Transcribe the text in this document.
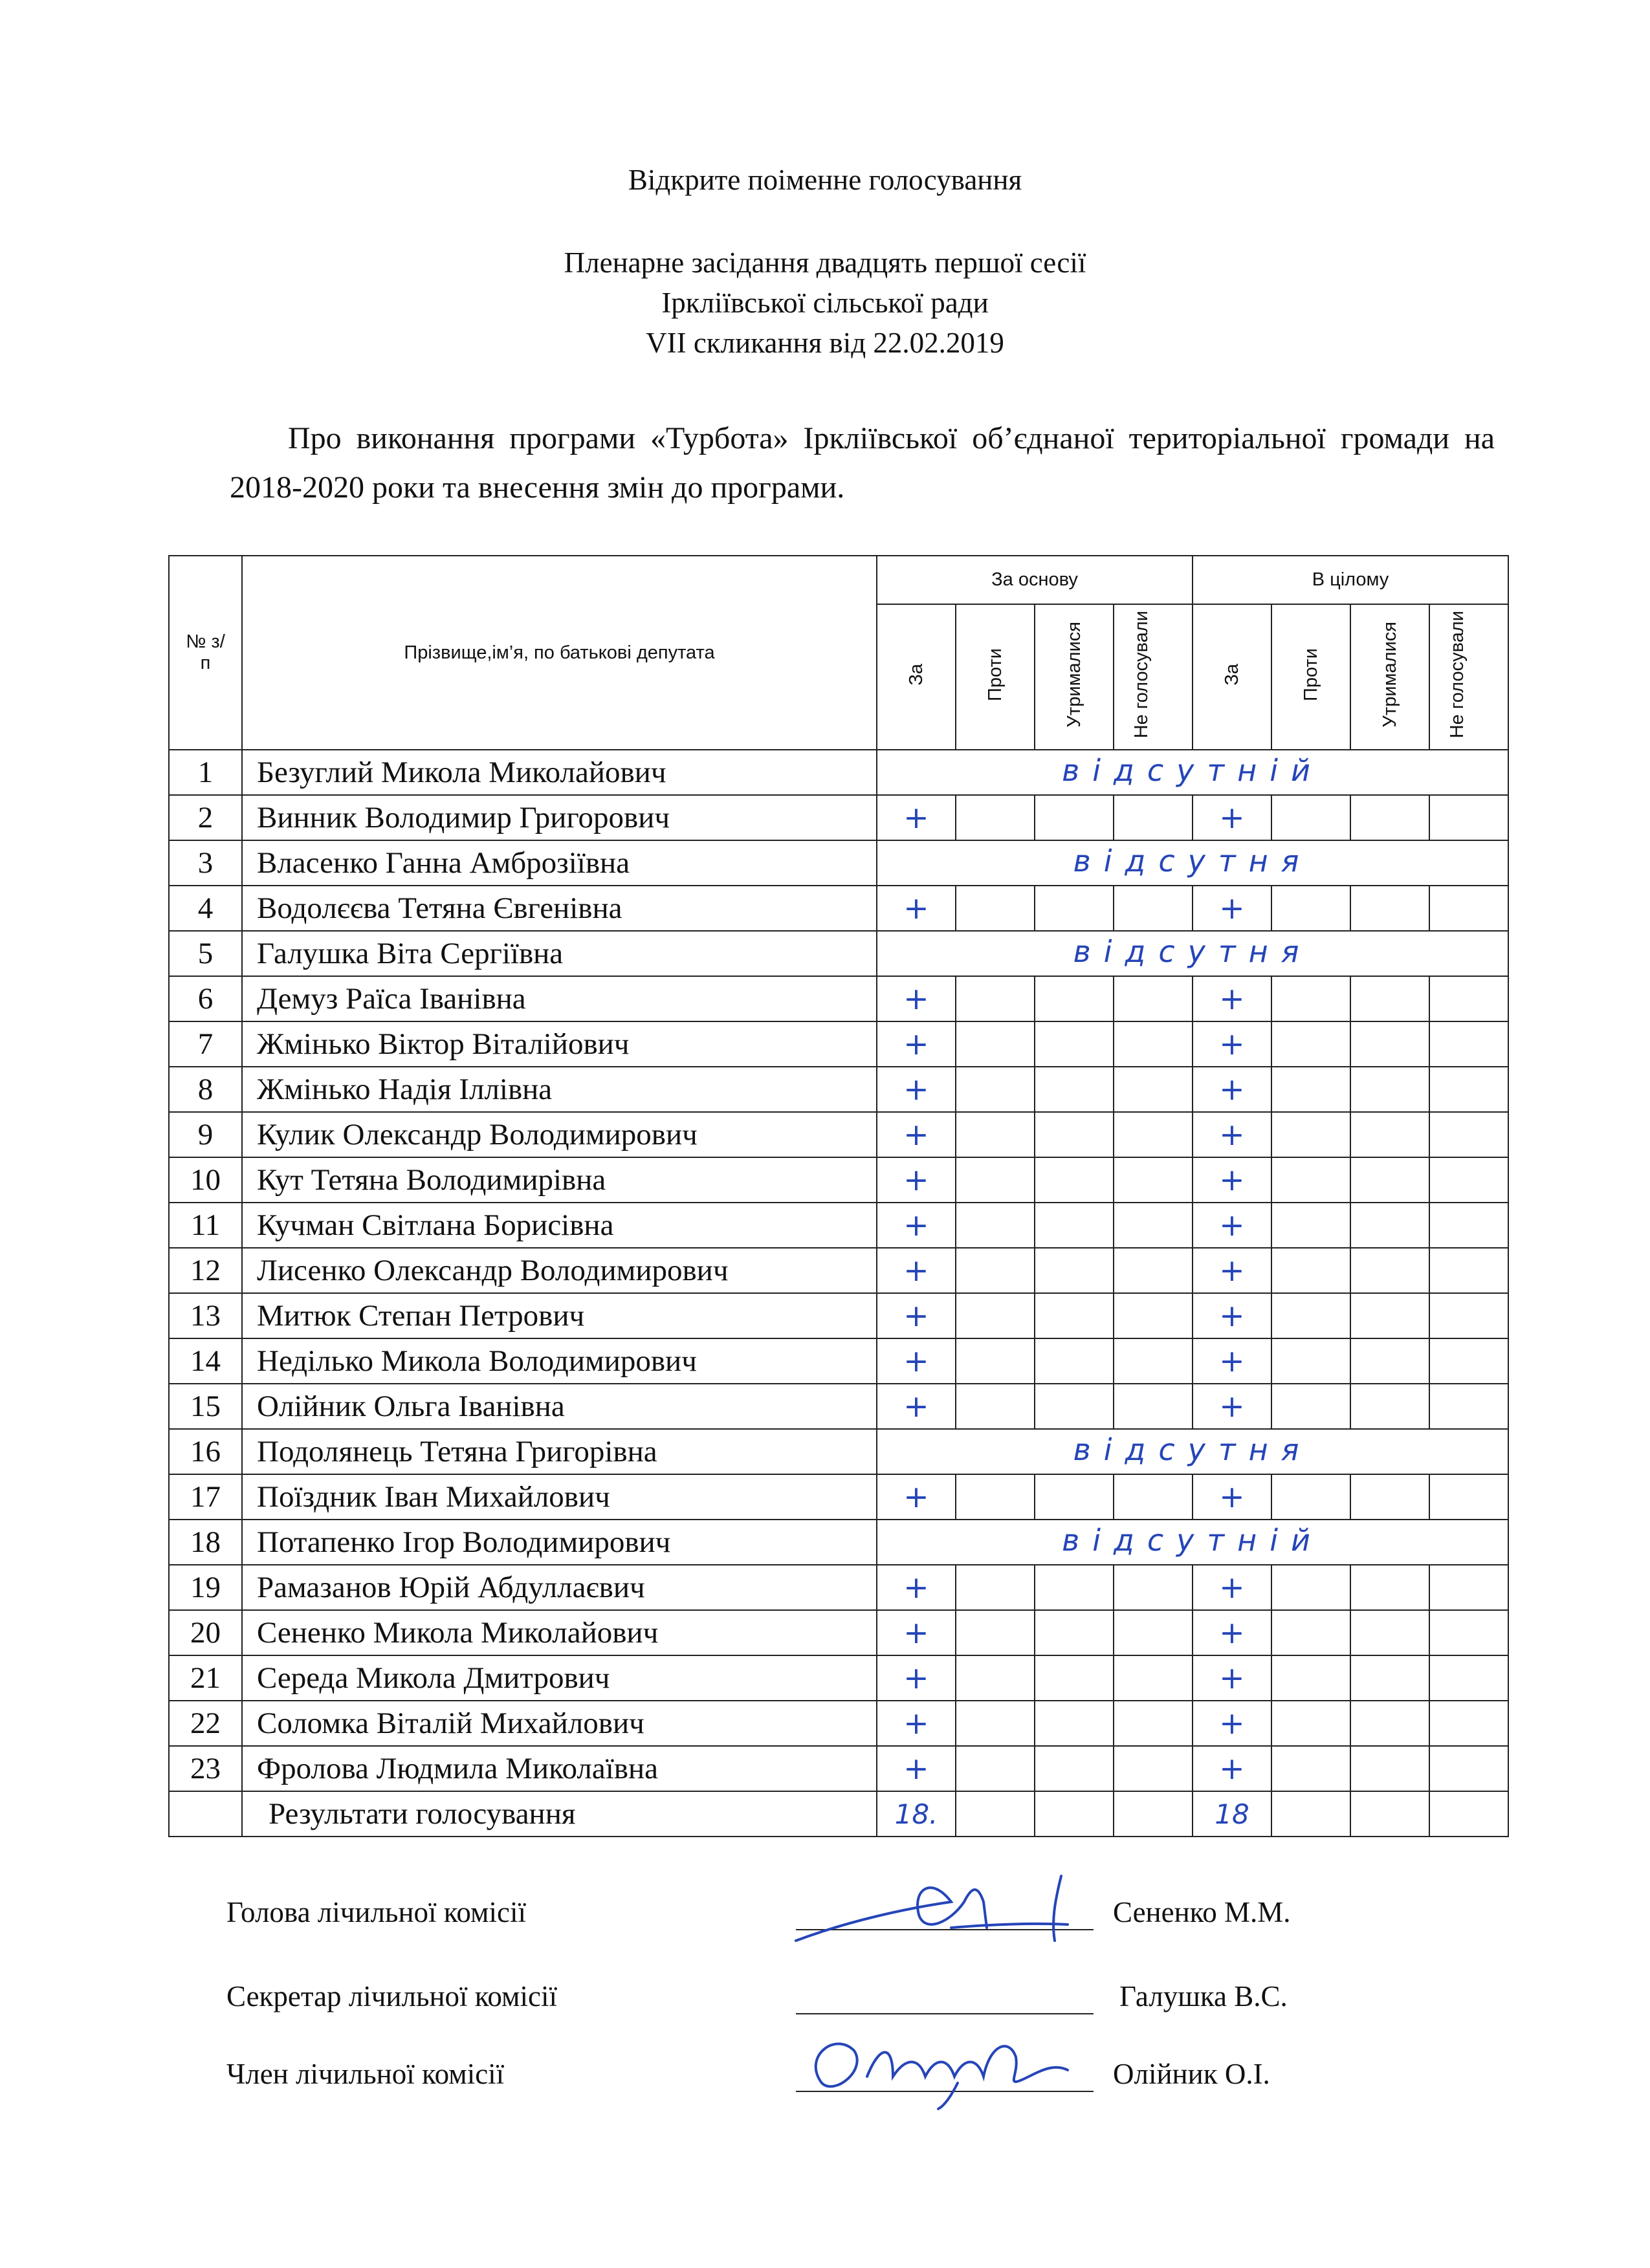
Відкрите поіменне голосування
Пленарне засідання двадцять першої сесії
Ірклiївської сільської ради
VII скликання від 22.02.2019
Про виконання програми «Турбота» Ірклiївської об’єднаної територіальної громади на 2018-2020 роки та внесення змін до програми.
№ з/п	Прізвище,ім’я, по батькові депутата	За основу				В цілому			
		За	Проти	Утрималися	Не голосували	За	Проти	Утрималися	Не голосували
1	Безуглий Микола Миколайович	відсутній							

2	Винник Володимир Григорович	+				+			
3	Власенко Ганна Амброзіївна	відсутня							

4	Водолєєва Тетяна Євгенівна	+				+			
5	Галушка Віта Сергіївна	відсутня							

6	Демуз Раїса Іванівна	+				+			
7	Жмінько Віктор Віталійович	+				+			
8	Жмінько Надія Іллівна	+				+			
9	Кулик Олександр Володимирович	+				+			
10	Кут Тетяна Володимирівна	+				+			
11	Кучман Світлана Борисівна	+				+			
12	Лисенко Олександр Володимирович	+				+			
13	Митюк Степан Петрович	+				+			
14	Неділько Микола Володимирович	+				+			
15	Олійник Ольга Іванівна	+				+			
16	Подолянець Тетяна Григорівна	відсутня							

17	Поїздник Іван Михайлович	+				+			
18	Потапенко Ігор Володимирович	відсутній							

19	Рамазанов Юрій Абдуллаєвич	+				+			
20	Сененко Микола Миколайович	+				+			
21	Середа Микола Дмитрович	+				+			
22	Соломка Віталій Михайлович	+				+			
23	Фролова Людмила Миколаївна	+				+			
	Результати голосування	18.				18			
Голова лічильної комісії	Сененко М.М.
Секретар лічильної комісії	Галушка В.С.
Член лічильної комісії	Олійник О.І.
